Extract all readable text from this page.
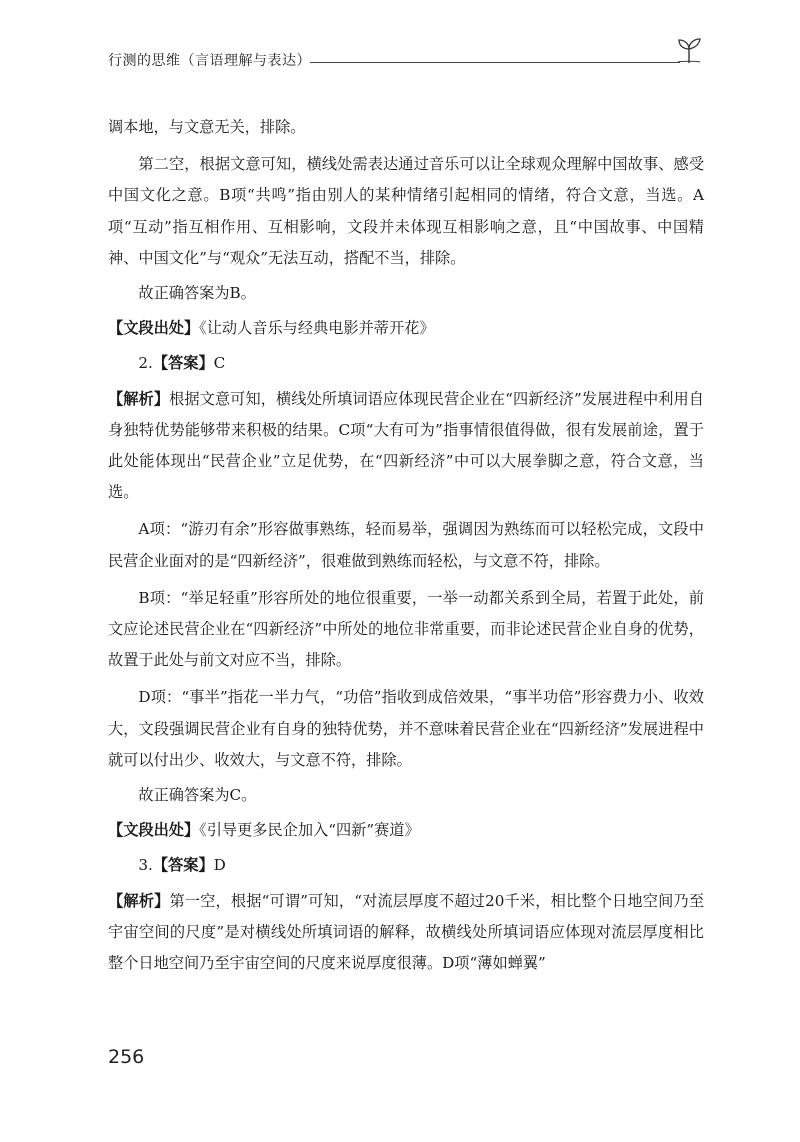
行测的思维（言语理解与表达）

调本地，与文意无关，排除。

第二空，根据文意可知，横线处需表达通过音乐可以让全球观众理解中国故事、感受中国文化之意。B项“共鸣”指由别人的某种情绪引起相同的情绪，符合文意，当选。A项“互动”指互相作用、互相影响，文段并未体现互相影响之意，且“中国故事、中国精神、中国文化”与“观众”无法互动，搭配不当，排除。

故正确答案为B。

【文段出处】《让动人音乐与经典电影并蒂开花》

2.【答案】C

【解析】根据文意可知，横线处所填词语应体现民营企业在“四新经济”发展进程中利用自身独特优势能够带来积极的结果。C项“大有可为”指事情很值得做，很有发展前途，置于此处能体现出“民营企业”立足优势，在“四新经济”中可以大展拳脚之意，符合文意，当选。

A项：“游刃有余”形容做事熟练，轻而易举，强调因为熟练而可以轻松完成，文段中民营企业面对的是“四新经济”，很难做到熟练而轻松，与文意不符，排除。

B项：“举足轻重”形容所处的地位很重要，一举一动都关系到全局，若置于此处，前文应论述民营企业在“四新经济”中所处的地位非常重要，而非论述民营企业自身的优势，故置于此处与前文对应不当，排除。

D项：“事半”指花一半力气，“功倍”指收到成倍效果，“事半功倍”形容费力小、收效大，文段强调民营企业有自身的独特优势，并不意味着民营企业在“四新经济”发展进程中就可以付出少、收效大，与文意不符，排除。

故正确答案为C。

【文段出处】《引导更多民企加入“四新”赛道》

3.【答案】D

【解析】第一空，根据“可谓”可知，“对流层厚度不超过20千米，相比整个日地空间乃至宇宙空间的尺度”是对横线处所填词语的解释，故横线处所填词语应体现对流层厚度相比整个日地空间乃至宇宙空间的尺度来说厚度很薄。D项“薄如蝉翼”

256
